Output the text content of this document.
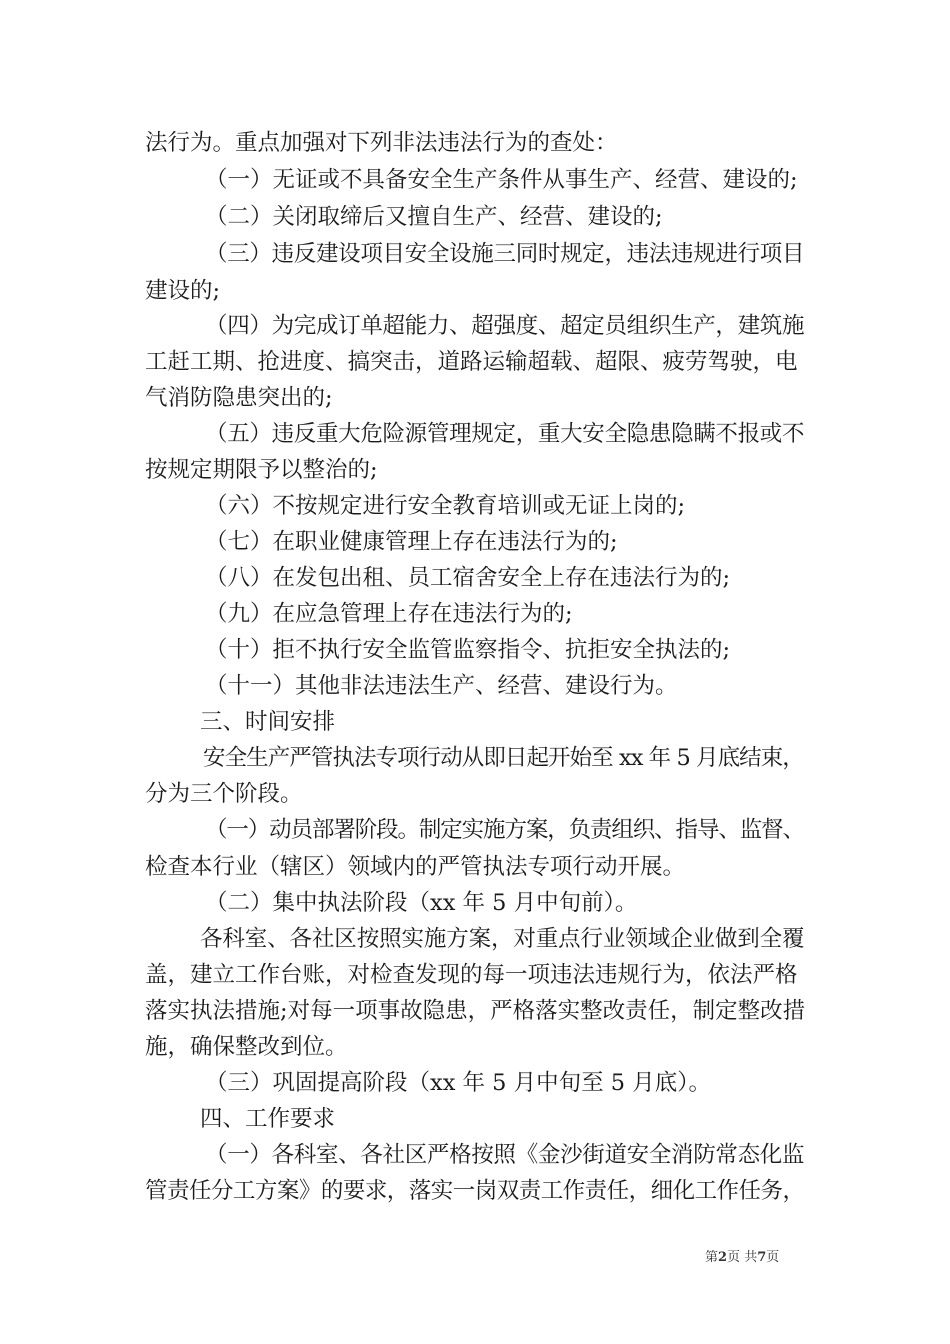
法行为。重点加强对下列非法违法行为的查处：
（一）无证或不具备安全生产条件从事生产、经营、建设的;
（二）关闭取缔后又擅自生产、经营、建设的;
（三）违反建设项目安全设施三同时规定，违法违规进行项目
建设的;
（四）为完成订单超能力、超强度、超定员组织生产，建筑施
工赶工期、抢进度、搞突击，道路运输超载、超限、疲劳驾驶，电
气消防隐患突出的;
（五）违反重大危险源管理规定，重大安全隐患隐瞒不报或不
按规定期限予以整治的;
（六）不按规定进行安全教育培训或无证上岗的;
（七）在职业健康管理上存在违法行为的;
（八）在发包出租、员工宿舍安全上存在违法行为的;
（九）在应急管理上存在违法行为的;
（十）拒不执行安全监管监察指令、抗拒安全执法的;
（十一）其他非法违法生产、经营、建设行为。
三、时间安排
安全生产严管执法专项行动从即日起开始至 xx 年 5 月底结束，
分为三个阶段。
（一）动员部署阶段。制定实施方案，负责组织、指导、监督、
检查本行业（辖区）领域内的严管执法专项行动开展。
（二）集中执法阶段（xx 年 5 月中旬前）。
各科室、各社区按照实施方案，对重点行业领域企业做到全覆
盖，建立工作台账，对检查发现的每一项违法违规行为，依法严格
落实执法措施;对每一项事故隐患，严格落实整改责任，制定整改措
施，确保整改到位。
（三）巩固提高阶段（xx 年 5 月中旬至 5 月底）。
四、工作要求
（一）各科室、各社区严格按照《金沙街道安全消防常态化监
管责任分工方案》的要求，落实一岗双责工作责任，细化工作任务，
第2页 共7页
